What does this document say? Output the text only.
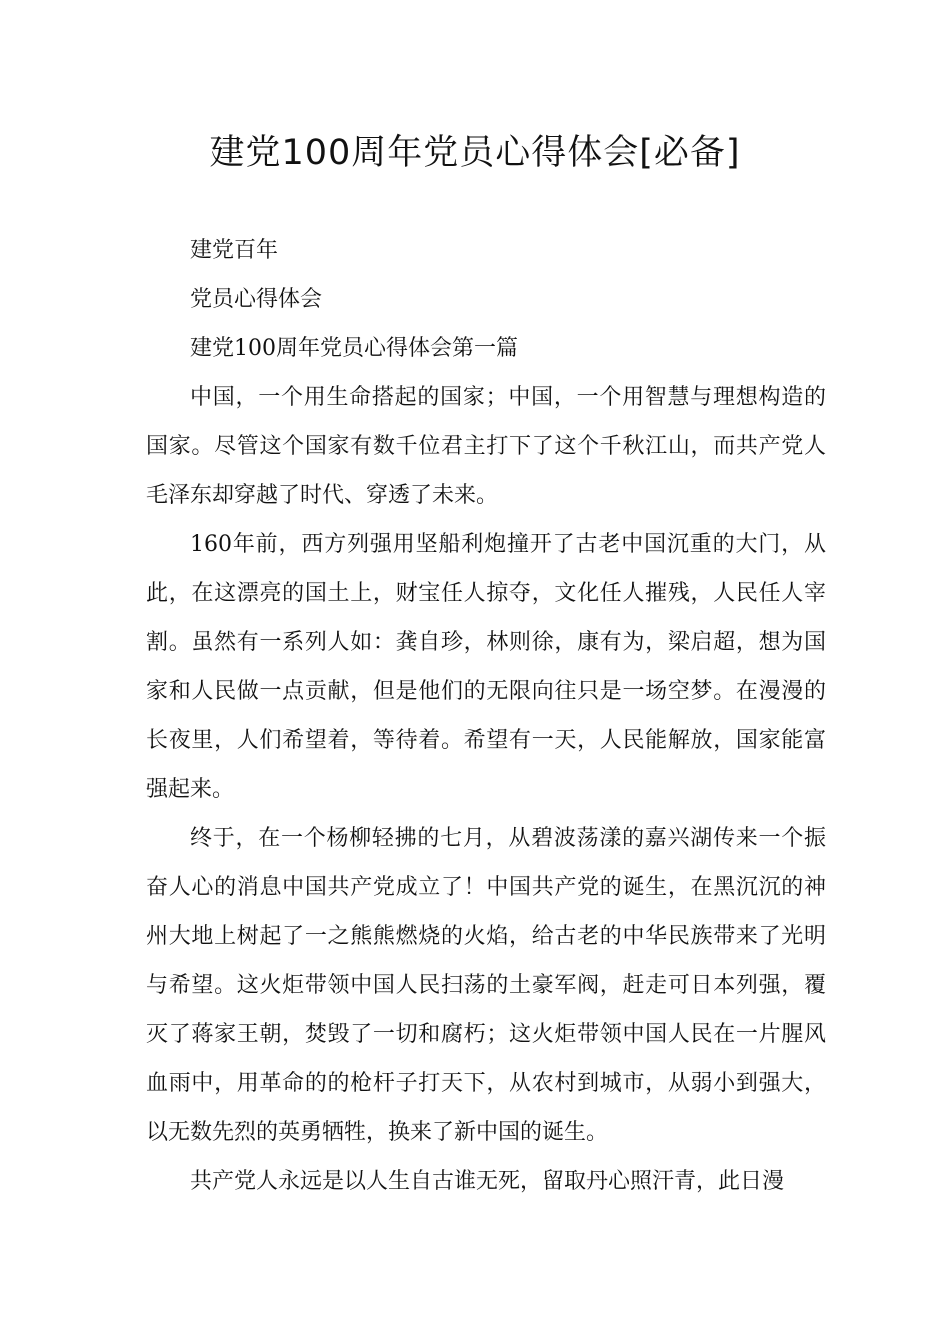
建党100周年党员心得体会[必备]

建党百年

党员心得体会

建党100周年党员心得体会第一篇

中国，一个用生命搭起的国家；中国，一个用智慧与理想构造的国家。尽管这个国家有数千位君主打下了这个千秋江山，而共产党人毛泽东却穿越了时代、穿透了未来。

160年前，西方列强用坚船利炮撞开了古老中国沉重的大门，从此，在这漂亮的国土上，财宝任人掠夺，文化任人摧残，人民任人宰割。虽然有一系列人如：龚自珍，林则徐，康有为，梁启超，想为国家和人民做一点贡献，但是他们的无限向往只是一场空梦。在漫漫的长夜里，人们希望着，等待着。希望有一天，人民能解放，国家能富强起来。

终于，在一个杨柳轻拂的七月，从碧波荡漾的嘉兴湖传来一个振奋人心的消息中国共产党成立了！中国共产党的诞生，在黑沉沉的神州大地上树起了一之熊熊燃烧的火焰，给古老的中华民族带来了光明与希望。这火炬带领中国人民扫荡的土豪军阀，赶走可日本列强，覆灭了蒋家王朝，焚毁了一切和腐朽；这火炬带领中国人民在一片腥风血雨中，用革命的的枪杆子打天下，从农村到城市，从弱小到强大，以无数先烈的英勇牺牲，换来了新中国的诞生。

共产党人永远是以人生自古谁无死，留取丹心照汗青，此日漫
